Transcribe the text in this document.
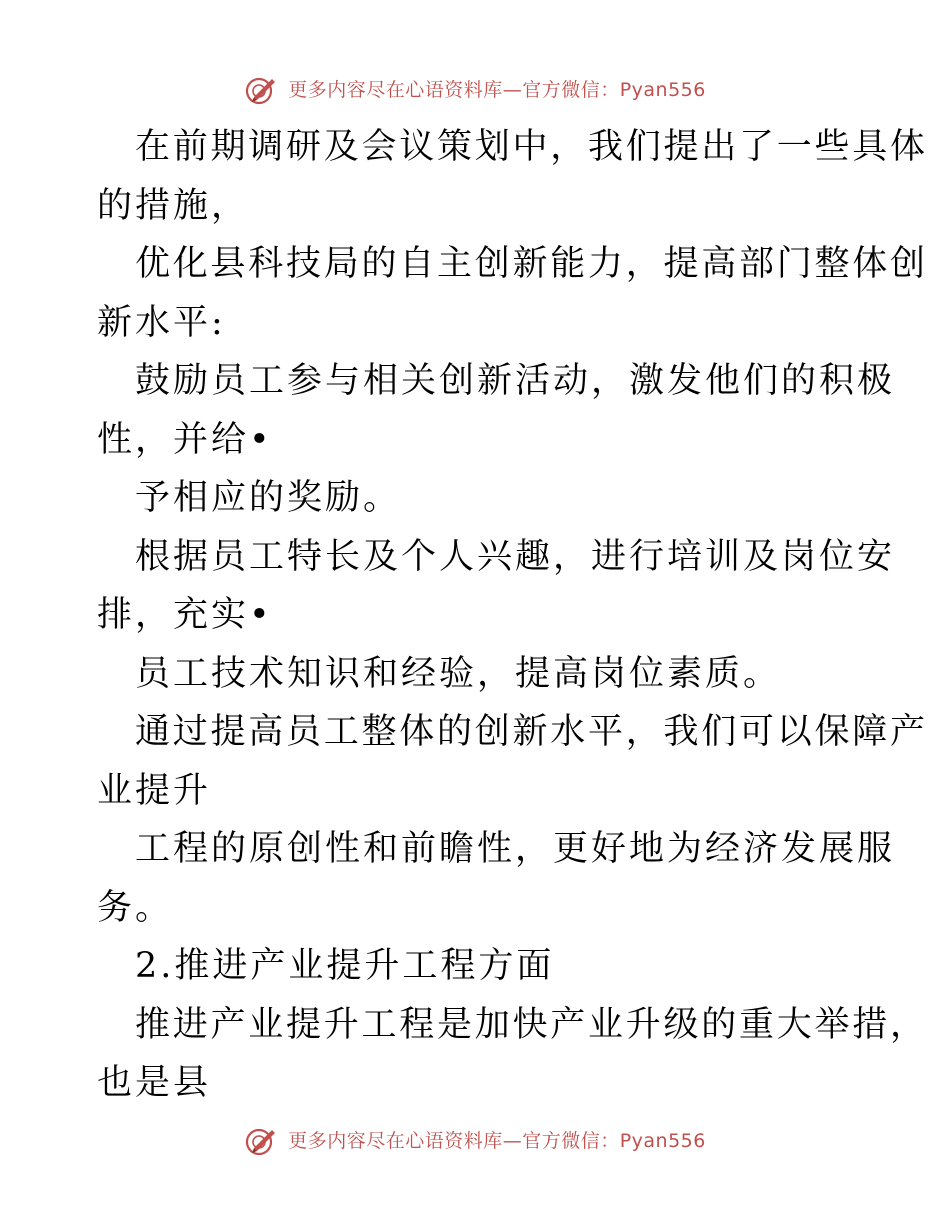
更多内容尽在心语资料库—官方微信：Pyan556
在前期调研及会议策划中，我们提出了一些具体
的措施，
优化县科技局的自主创新能力，提高部门整体创
新水平:
鼓励员工参与相关创新活动，激发他们的积极
性，并给•
予相应的奖励。
根据员工特长及个人兴趣，进行培训及岗位安
排，充实•
员工技术知识和经验，提高岗位素质。
通过提高员工整体的创新水平，我们可以保障产
业提升
工程的原创性和前瞻性，更好地为经济发展服
务。
2.推进产业提升工程方面
推进产业提升工程是加快产业升级的重大举措，
也是县
更多内容尽在心语资料库—官方微信：Pyan556
